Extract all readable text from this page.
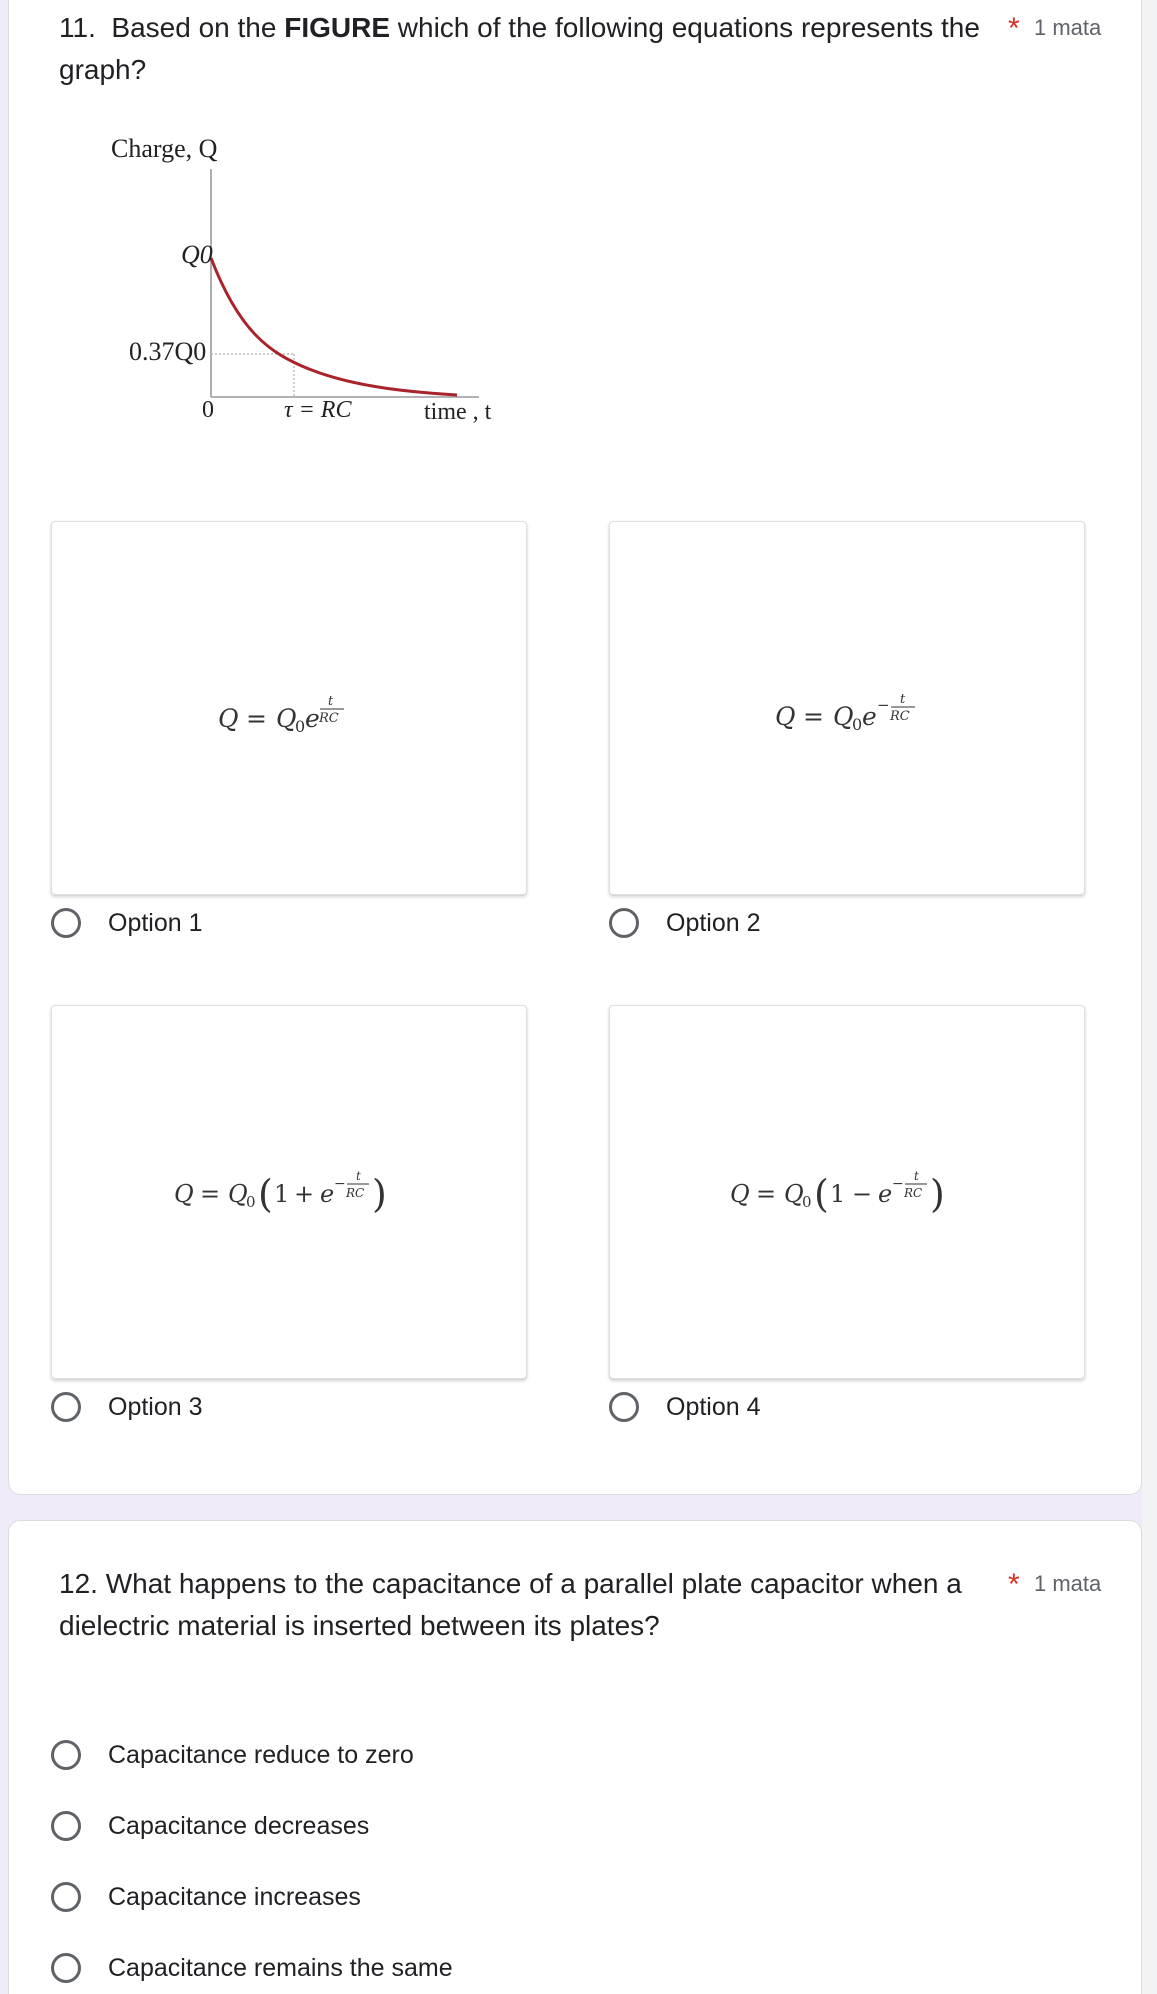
11. Based on the FIGURE which of the following equations represents the graph?
* 1 mata
Charge, Q
Q0
0.37Q0
0	τ = RC	time , t
Q = Q
0 e
t
RC	Q = Q
0 e − t
RC
Option 1	Option 2
Q = Q
0 ( 1 + e − t
RC )	Q = Q
0 ( 1 − e − t
RC )
Option 3	Option 4
12. What happens to the capacitance of a parallel plate capacitor when a dielectric material is inserted between its plates?
* 1 mata
Capacitance reduce to zero
Capacitance decreases
Capacitance increases
Capacitance remains the same
